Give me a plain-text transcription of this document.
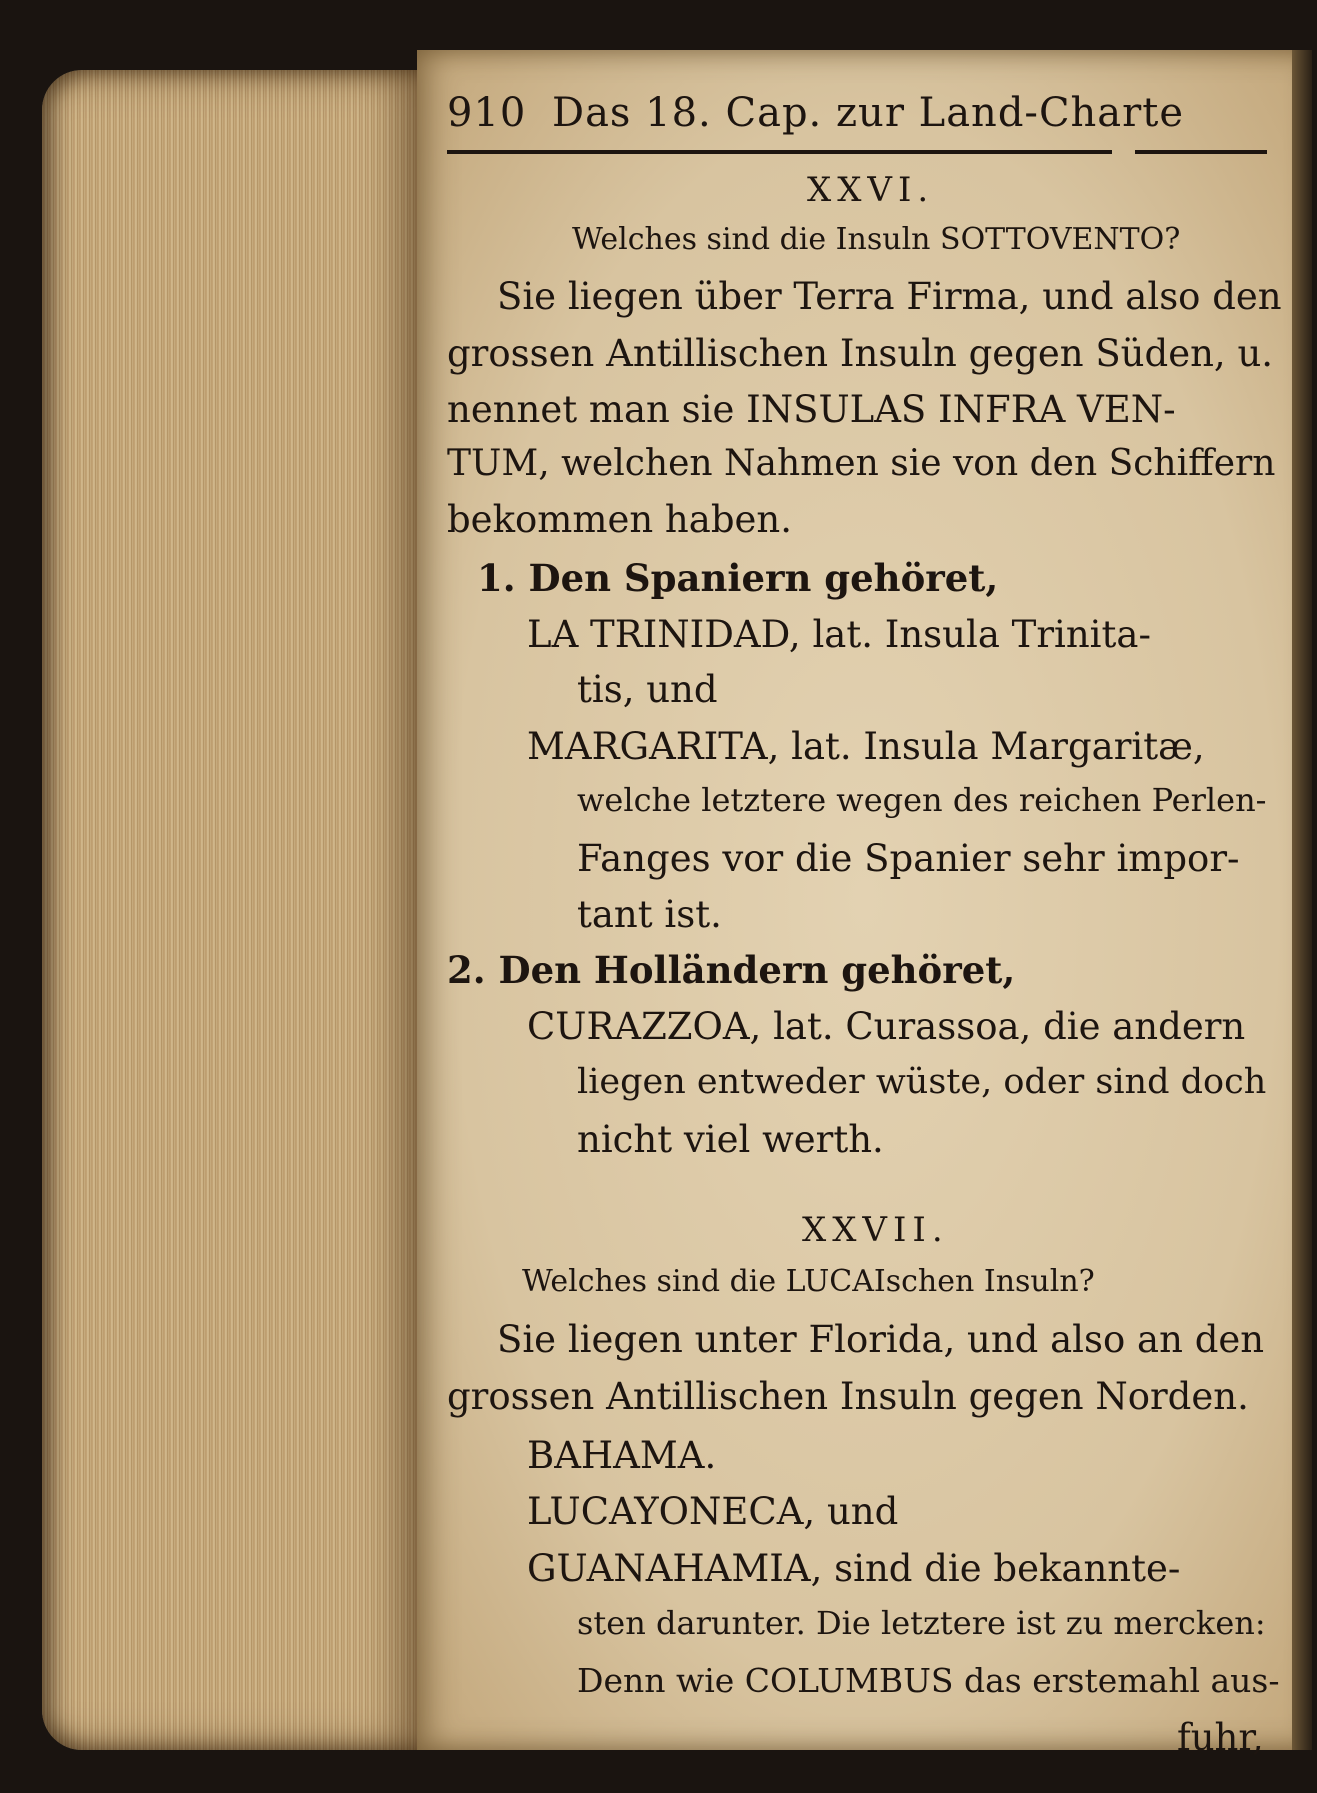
910 Das 18. Cap. zur Land-Charte
XXVI.
Welches sind die Insuln SOTTOVENTO?
Sie liegen über Terra Firma, und also den
grossen Antillischen Insuln gegen Süden, u.
nennet man sie INSULAS INFRA VEN-
TUM, welchen Nahmen sie von den Schiffern
bekommen haben.
1. Den Spaniern gehöret,
LA TRINIDAD, lat. Insula Trinita-
tis, und
MARGARITA, lat. Insula Margaritæ,
welche letztere wegen des reichen Perlen-
Fanges vor die Spanier sehr impor-
tant ist.
2. Den Holländern gehöret,
CURAZZOA, lat. Curassoa, die andern
liegen entweder wüste, oder sind doch
nicht viel werth.
XXVII.
Welches sind die LUCAIschen Insuln?
Sie liegen unter Florida, und also an den
grossen Antillischen Insuln gegen Norden.
BAHAMA.
LUCAYONECA, und
GUANAHAMIA, sind die bekannte-
sten darunter. Die letztere ist zu mercken:
Denn wie COLUMBUS das erstemahl aus-
fuhr,
